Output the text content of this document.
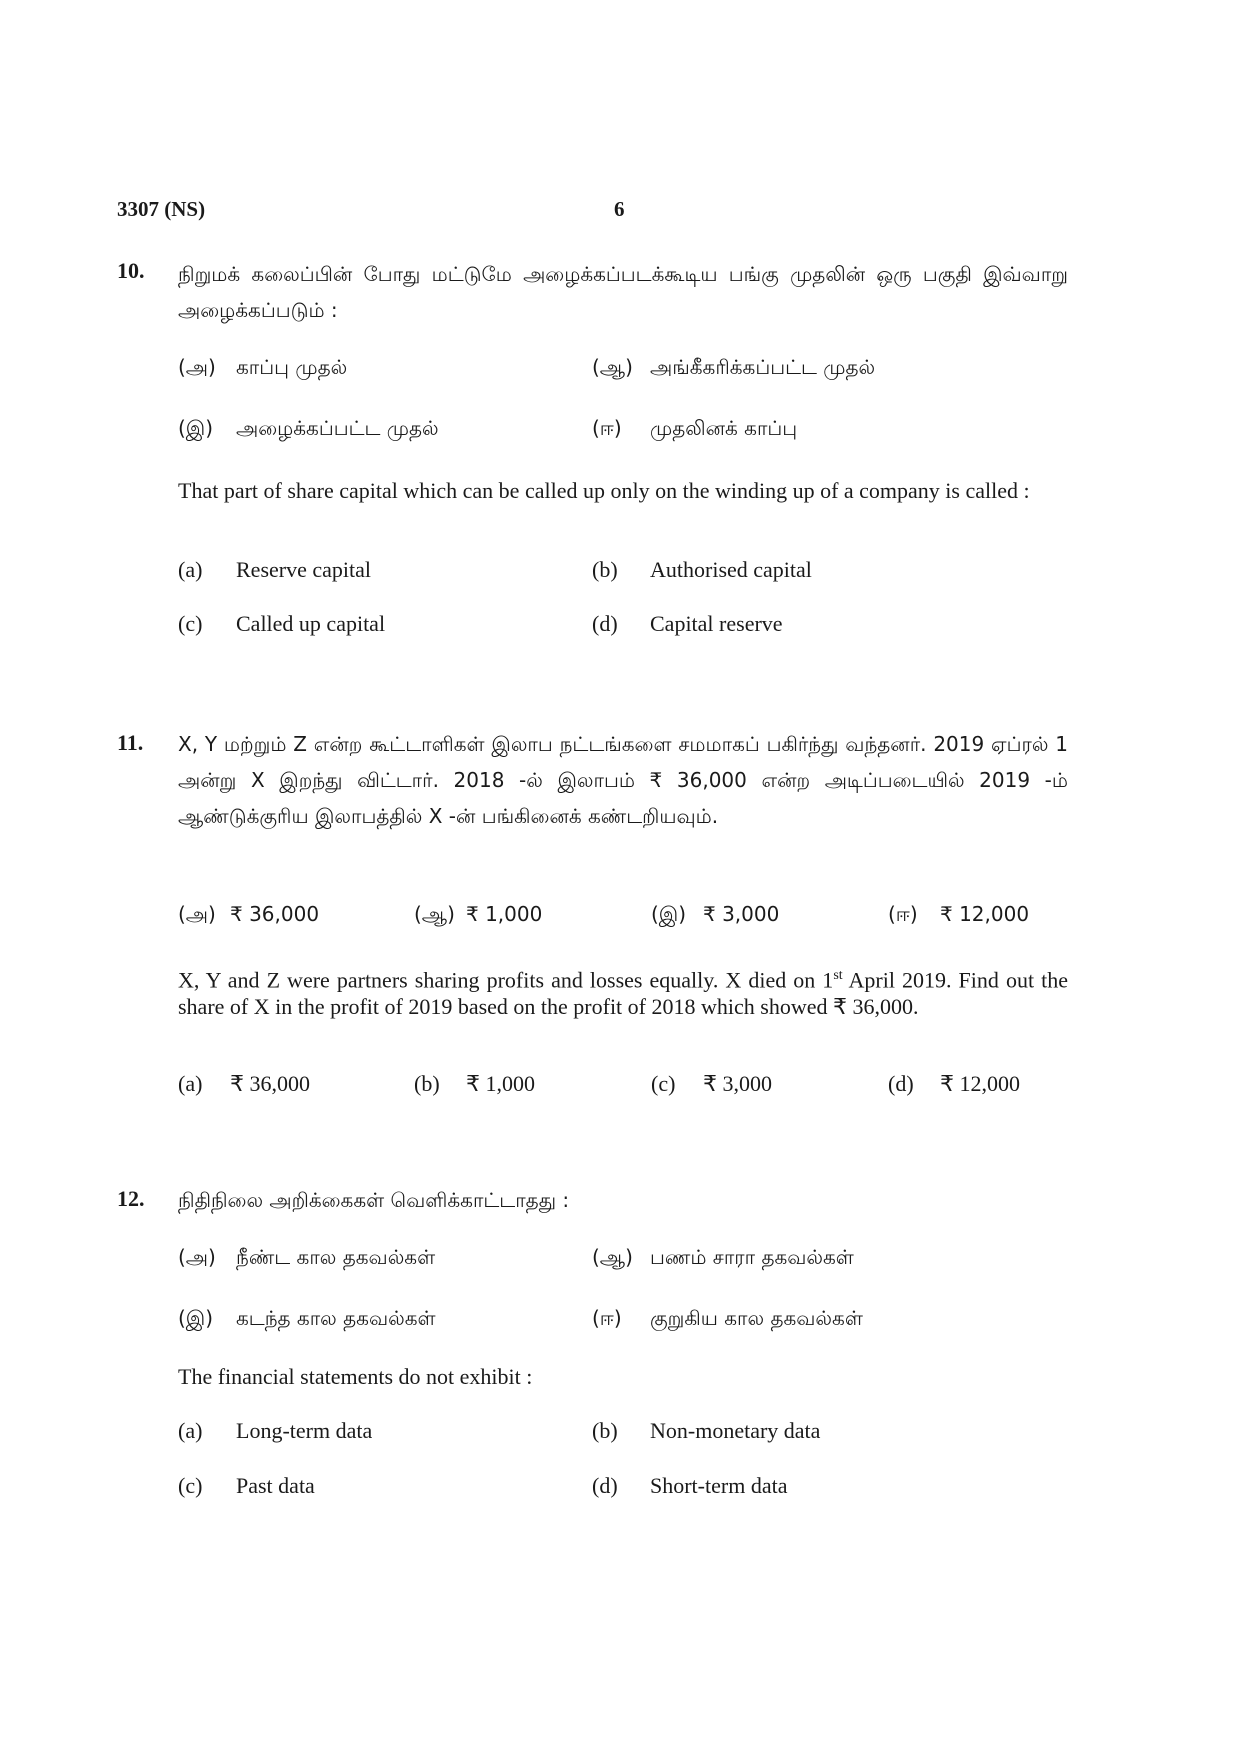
3307 (NS)	6
10. நிறுமக் கலைப்பின் போது மட்டுமே அழைக்கப்படக்கூடிய பங்கு முதலின் ஒரு பகுதி இவ்வாறு அழைக்கப்படும் :
(அ)	காப்பு முதல்	(ஆ) அங்கீகரிக்கப்பட்ட முதல்
(இ)	அழைக்கப்பட்ட முதல்	(ஈ)	முதலினக் காப்பு
That part of share capital which can be called up only on the winding up of a company is called :
(a)	Reserve capital	(b)	Authorised capital
(c)	Called up capital	(d)	Capital reserve
11. X, Y மற்றும் Z என்ற கூட்டாளிகள் இலாப நட்டங்களை சமமாகப் பகிர்ந்து வந்தனர். 2019 ஏப்ரல் 1 அன்று X இறந்து விட்டார். 2018 -ல் இலாபம் ₹ 36,000 என்ற அடிப்படையில் 2019 -ம் ஆண்டுக்குரிய இலாபத்தில் X -ன் பங்கினைக் கண்டறியவும்.
(அ) ₹ 36,000	(ஆ) ₹ 1,000	(இ) ₹ 3,000	(ஈ)	₹ 12,000
X, Y and Z were partners sharing profits and losses equally. X died on 1st April 2019. Find out the share of X in the profit of 2019 based on the profit of 2018 which showed ₹ 36,000.
(a)	₹ 36,000	(b)	₹ 1,000	(c)	₹ 3,000	(d)	₹ 12,000
12. நிதிநிலை அறிக்கைகள் வெளிக்காட்டாதது :
(அ)	நீண்ட கால தகவல்கள்	(ஆ) பணம் சாரா தகவல்கள்
(இ)	கடந்த கால தகவல்கள்	(ஈ)	குறுகிய கால தகவல்கள்
The financial statements do not exhibit :
(a)	Long-term data	(b)	Non-monetary data
(c)	Past data	(d)	Short-term data
